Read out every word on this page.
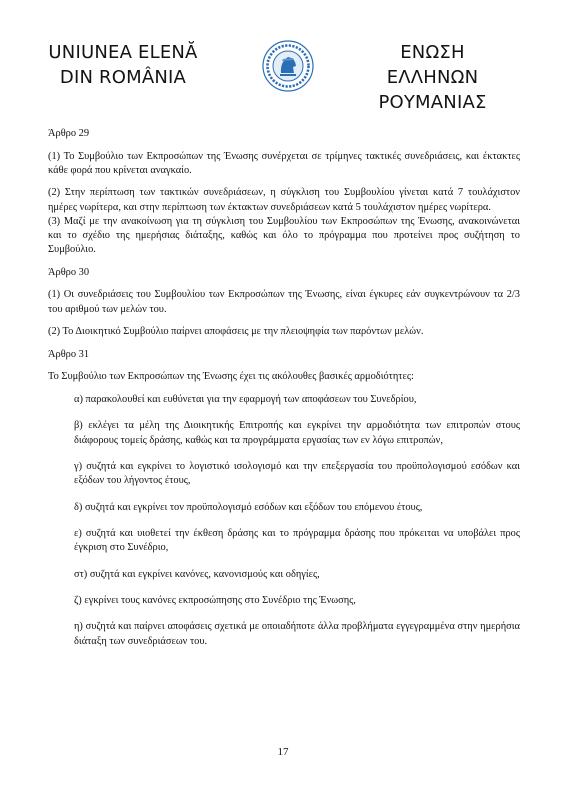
UNIUNEA ELENĂ
DIN ROMÂNIA
ΕΝΩΣΗ ΕΛΛΗΝΩΝ
ΡΟΥΜΑΝΙΑΣ

Άρθρο 29

(1) Το Συμβούλιο των Εκπροσώπων της Ένωσης συνέρχεται σε τρίμηνες τακτικές συνεδριάσεις, και έκτακτες κάθε φορά που κρίνεται αναγκαίο.

(2) Στην περίπτωση των τακτικών συνεδριάσεων, η σύγκλιση του Συμβουλίου γίνεται κατά 7 τουλάχιστον ημέρες νωρίτερα, και στην περίπτωση των έκτακτων συνεδριάσεων κατά 5 τουλάχιστον ημέρες νωρίτερα.

(3) Μαζί με την ανακοίνωση για τη σύγκλιση του Συμβουλίου των Εκπροσώπων της Ένωσης, ανακοινώνεται και το σχέδιο της ημερήσιας διάταξης, καθώς και όλο το πρόγραμμα που προτείνει προς συζήτηση το Συμβούλιο.

Άρθρο 30

(1) Οι συνεδριάσεις του Συμβουλίου των Εκπροσώπων της Ένωσης, είναι έγκυρες εάν συγκεντρώνουν τα 2/3 του αριθμού των μελών του.

(2) Το Διοικητικό Συμβούλιο παίρνει αποφάσεις με την πλειοψηφία των παρόντων μελών.

Άρθρο 31

Το Συμβούλιο των Εκπροσώπων της Ένωσης έχει τις ακόλουθες βασικές αρμοδιότητες:

α) παρακολουθεί και ευθύνεται για την εφαρμογή των αποφάσεων του Συνεδρίου,

β) εκλέγει τα μέλη της Διοικητικής Επιτροπής και εγκρίνει την αρμοδιότητα των επιτροπών στους διάφορους τομείς δράσης, καθώς και τα προγράμματα εργασίας των εν λόγω επιτροπών,

γ) συζητά και εγκρίνει το λογιστικό ισολογισμό και την επεξεργασία του προϋπολογισμού εσόδων και εξόδων του λήγοντος έτους,

δ) συζητά και εγκρίνει τον προϋπολογισμό εσόδων και εξόδων του επόμενου έτους,

ε) συζητά και υιοθετεί την έκθεση δράσης και το πρόγραμμα δράσης που πρόκειται να υποβάλει προς έγκριση στο Συνέδριο,

στ) συζητά και εγκρίνει κανόνες, κανονισμούς και οδηγίες,

ζ) εγκρίνει τους κανόνες εκπροσώπησης στο Συνέδριο της Ένωσης,

η) συζητά και παίρνει αποφάσεις σχετικά με οποιαδήποτε άλλα προβλήματα εγγεγραμμένα στην ημερήσια διάταξη των συνεδριάσεων του.

17
